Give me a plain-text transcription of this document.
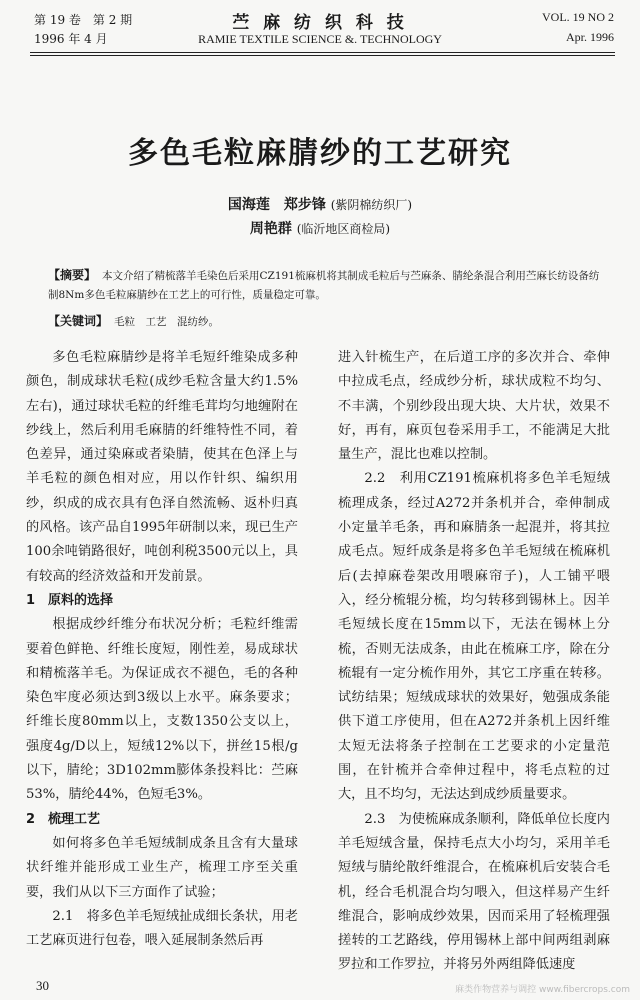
第 19 卷　第 2 期
1996 年 4 月
苎 麻 纺 织 科 技
RAMIE TEXTILE SCIENCE &. TECHNOLOGY
VOL. 19 NO 2
Apr. 1996
多色毛粒麻腈纱的工艺研究
国海莲　郑步锋 (紫阴棉纺织厂)
周艳群 (临沂地区商检局)
【摘要】 本文介绍了精梳落羊毛染色后采用CZ191梳麻机将其制成毛粒后与苎麻条、腈纶条混合利用苎麻长纺设备纺制8Nm多色毛粒麻腈纱在工艺上的可行性，质量稳定可靠。
【关键词】 毛粒　工艺　混纺纱。

多色毛粒麻腈纱是将羊毛短纤维染成多种颜色，制成球状毛粒(成纱毛粒含量大约1.5%左右)，通过球状毛粒的纤维毛茸均匀地缠附在纱线上，然后利用毛麻腈的纤维特性不同，着色差异，通过染麻或者染腈，使其在色泽上与羊毛粒的颜色相对应，用以作针织、编织用纱，织成的成衣具有色泽自然流畅、返朴归真的风格。该产品自1995年研制以来，现已生产100余吨销路很好，吨创利税3500元以上，具有较高的经济效益和开发前景。

1　原料的选择

根据成纱纤维分布状况分析；毛粒纤维需要着色鲜艳、纤维长度短，刚性差，易成球状和精梳落羊毛。为保证成衣不褪色，毛的各种染色牢度必须达到3级以上水平。麻条要求；纤维长度80mm以上，支数1350公支以上，强度4g/D以上，短绒12%以下，拼丝15根/g以下，腈纶；3D102mm膨体条投料比：苎麻53%，腈纶44%，色短毛3%。

2　梳理工艺

如何将多色羊毛短绒制成条且含有大量球状纤维并能形成工业生产，梳理工序至关重要，我们从以下三方面作了试验；

2.1　将多色羊毛短绒扯成细长条状，用老工艺麻页进行包卷，喂入延展制条然后再

进入针梳生产，在后道工序的多次并合、牵伸中拉成毛点，经成纱分析，球状成粒不均匀、不丰满，个别纱段出现大块、大片状，效果不好，再有，麻页包卷采用手工，不能满足大批量生产，混比也难以控制。

2.2　利用CZ191梳麻机将多色羊毛短绒梳理成条，经过A272并条机并合，牵伸制成小定量羊毛条，再和麻腈条一起混并，将其拉成毛点。短纤成条是将多色羊毛短绒在梳麻机后(去掉麻卷架改用喂麻帘子)，人工铺平喂入，经分梳辊分梳，均匀转移到锡林上。因羊毛短绒长度在15mm以下，无法在锡林上分梳，否则无法成条，由此在梳麻工序，除在分梳辊有一定分梳作用外，其它工序重在转移。试纺结果；短绒成球状的效果好，勉强成条能供下道工序使用，但在A272并条机上因纤维太短无法将条子控制在工艺要求的小定量范围，在针梳并合牵伸过程中，将毛点粒的过大，且不均匀，无法达到成纱质量要求。

2.3　为使梳麻成条顺利，降低单位长度内羊毛短绒含量，保持毛点大小均匀，采用羊毛短绒与腈纶散纤维混合，在梳麻机后安装合毛机，经合毛机混合均匀喂入，但这样易产生纤维混合，影响成纱效果，因而采用了轻梳理强搓转的工艺路线，停用锡林上部中间两组剥麻罗拉和工作罗拉，并将另外两组降低速度

30	麻类作物营养与调控 www.fibercrops.com
